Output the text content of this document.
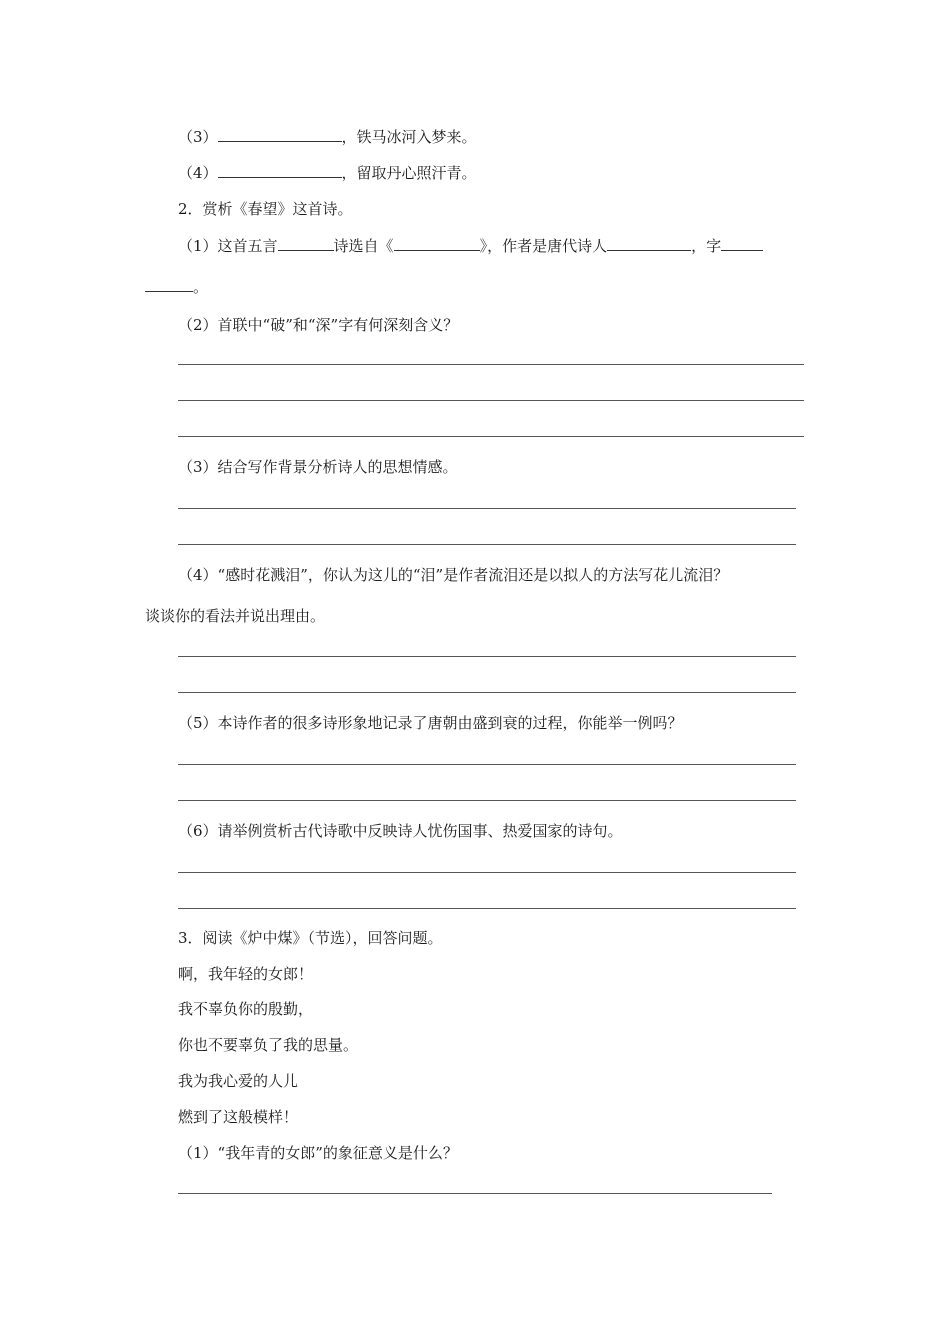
（3）	，铁马冰河入梦来。
（4）	，留取丹心照汗青。
2．赏析《春望》这首诗。
（1）这首五言	诗选自《	》，作者是唐代诗人	，字
。
（2）首联中“破”和“深”字有何深刻含义？
（3）结合写作背景分析诗人的思想情感。
（4）“感时花溅泪”，你认为这儿的“泪”是作者流泪还是以拟人的方法写花儿流泪？
谈谈你的看法并说出理由。
（5）本诗作者的很多诗形象地记录了唐朝由盛到衰的过程，你能举一例吗？
（6）请举例赏析古代诗歌中反映诗人忧伤国事、热爱国家的诗句。
3．阅读《炉中煤》（节选），回答问题。
啊，我年轻的女郎！
我不辜负你的殷勤，
你也不要辜负了我的思量。
我为我心爱的人儿
燃到了这般模样！
（1）“我年青的女郎”的象征意义是什么？
